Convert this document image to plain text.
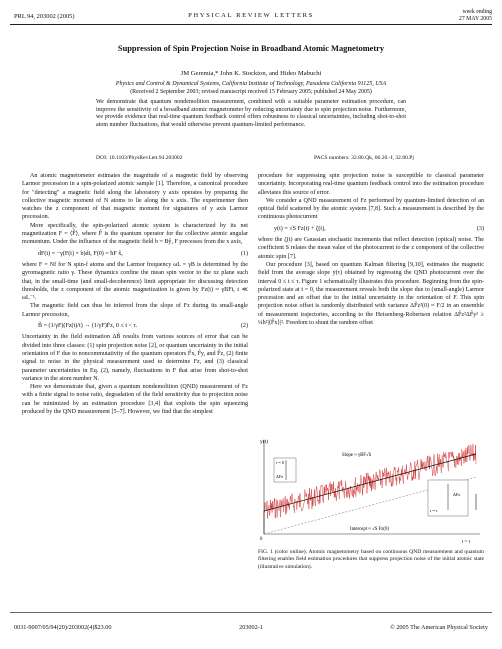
PRL 94, 203002 (2005)	PHYSICAL REVIEW LETTERS	week ending
27 MAY 2005
Suppression of Spin Projection Noise in Broadband Atomic Magnetometry
JM Geremia,* John K. Stockton, and Hideo Mabuchi
Physics and Control & Dynamical Systems, California Institute of Technology, Pasadena California 91125, USA
(Received 2 September 2003; revised manuscript received 15 February 2005; published 24 May 2005)
We demonstrate that quantum nondemolition measurement, combined with a suitable parameter estimation procedure, can improve the sensitivity of a broadband atomic magnetometer by reducing uncertainty due to spin projection noise. Furthermore, we provide evidence that real-time quantum feedback control offers robustness to classical uncertainties, including shot-to-shot atom number fluctuations, that would otherwise prevent quantum-limited performance.
DOI: 10.1103/PhysRevLett.94.203002	PACS numbers: 32.80.Qk, 06.20.-f, 32.80.Pj

An atomic magnetometer estimates the magnitude of a magnetic field by observing Larmor precession in a spin-polarized atomic sample [1]. Therefore, a canonical procedure for "detecting" a magnetic field along the laboratory y axis operates by preparing the collective magnetic moment of N atoms to lie along the x axis. The experimenter then watches the z component of that magnetic moment for signatures of y axis Larmor precession.

More specifically, the spin-polarized atomic system is characterized by its net magnetization F = ⟨F̂⟩, where F̂ is the quantum operator for the collective atomic angular momentum. Under the influence of the magnetic field b = Bŷ, F precesses from the x axis,

dF(t) = −γ(F(t) × b)dt, F(0) = ħF x̂,	(1)

where F = Nf for N spin-f atoms and the Larmor frequency ωL = γB is determined by the gyromagnetic ratio γ. These dynamics confine the mean spin vector to the xz plane such that, in the small-time (and small-decoherence) limit appropriate for discussing detection thresholds, the z component of the atomic magnetization is given by Fz(t) ≈ γBFt, t ≪ ωL⁻¹.

The magnetic field can thus be inferred from the slope of Fz during its small-angle Larmor precession,

B̃ = (1/γF)(Fz(t)/t) → (1/γF)Ḟz, 0 ≤ t < τ.	(2)

Uncertainty in the field estimation ΔB̃ results from various sources of error that can be divided into three classes: (1) spin projection noise [2], or quantum uncertainty in the initial orientation of F due to noncommutativity of the quantum operators F̂x, F̂y, and F̂z, (2) finite signal to noise in the physical measurement used to determine Fz, and (3) classical parameter uncertainties in Eq. (2), namely, fluctuations in F that arise from shot-to-shot variance in the atom number N.

Here we demonstrate that, given a quantum nondemolition (QND) measurement of Fz with a finite signal to noise ratio, degradation of the field sensitivity due to projection noise can be minimized by an estimation procedure [3,4] that exploits the spin squeezing produced by the QND measurement [5–7]. However, we find that the simplest

procedure for suppressing spin projection noise is susceptible to classical parameter uncertainty. Incorporating real-time quantum feedback control into the estimation procedure alleviates this source of error.

We consider a QND measurement of Fz performed by quantum-limited detection of an optical field scattered by the atomic system [7,8]. Such a measurement is described by the continuous photocurrent

y(t) = √S Fz(t) + ζ(t),	(3)

where the ζ(t) are Gaussian stochastic increments that reflect detection (optical) noise. The coefficient S relates the mean value of the photocurrent to the z component of the collective atomic spin [7].

Our procedure [3], based on quantum Kalman filtering [9,10], estimates the magnetic field from the average slope ẏ(τ) obtained by regressing the QND photocurrent over the interval 0 ≤ t ≤ τ. Figure 1 schematically illustrates this procedure. Beginning from the spin-polarized state at t = 0, the measurement reveals both the slope due to (small-angle) Larmor precession and an offset due to the initial uncertainty in the orientation of F. This spin projection noise offset is randomly distributed with variance ΔF̂z²(0) ≈ F/2 in an ensemble of measurement trajectories, according to the Heisenberg-Robertson relation ΔF̂z²ΔF̂y² ≥ ¼ħ²|⟨F̂x⟩|². Freedom to shunt the random offset

y(t)
t = 0
ΔFz
Slope ≈ γBF√S
Intercept ≈ √S Fz(0)
t = τ
ΔFz
t = τ
0
FIG. 1 (color online). Atomic magnetometry based on continuous QND measurement and quantum filtering enables field estimation procedures that suppress projection noise of the initial atomic state (illustrative simulation).
0031-9007/05/94(20)/203002(4)$23.00	203002-1	© 2005 The American Physical Society
